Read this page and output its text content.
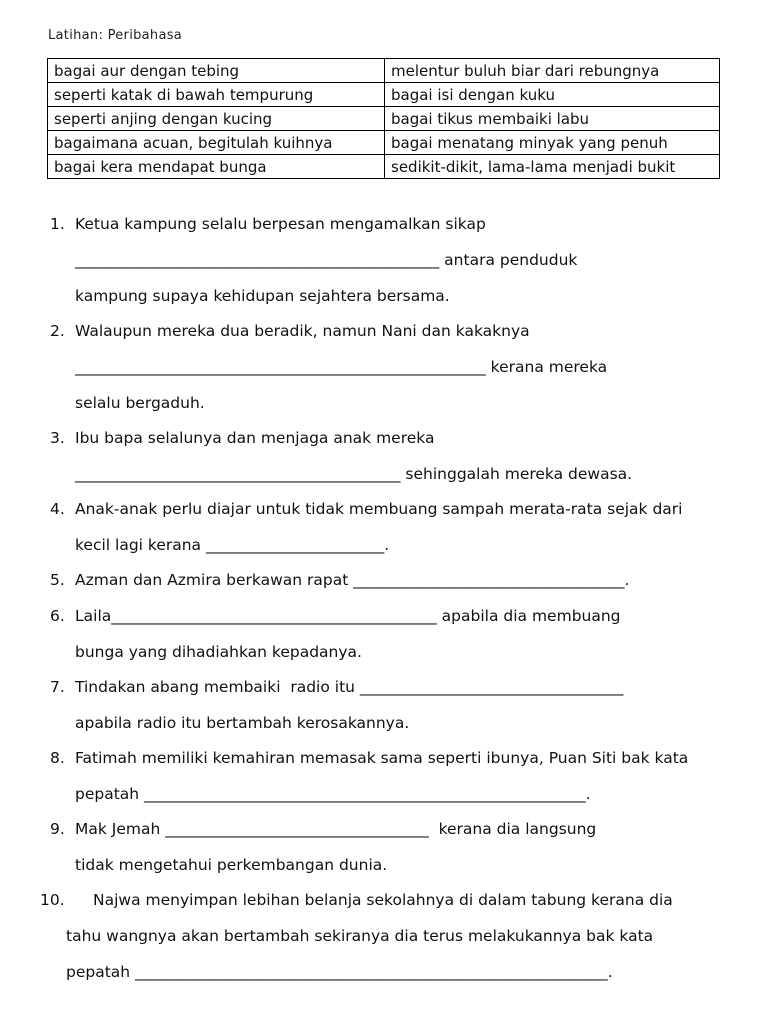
Latihan: Peribahasa
bagai aur dengan tebing	melentur buluh biar dari rebungnya
seperti katak di bawah tempurung	bagai isi dengan kuku
seperti anjing dengan kucing	bagai tikus membaiki labu
bagaimana acuan, begitulah kuihnya	bagai menatang minyak yang penuh
bagai kera mendapat bunga	sedikit-dikit, lama-lama menjadi bukit
1. Ketua kampung selalu berpesan mengamalkan sikap
_______________________________________________ antara penduduk
kampung supaya kehidupan sejahtera bersama.
2. Walaupun mereka dua beradik, namun Nani dan kakaknya
_____________________________________________________ kerana mereka
selalu bergaduh.
3. Ibu bapa selalunya dan menjaga anak mereka
__________________________________________ sehinggalah mereka dewasa.
4. Anak-anak perlu diajar untuk tidak membuang sampah merata-rata sejak dari
kecil lagi kerana _______________________.
5. Azman dan Azmira berkawan rapat ___________________________________.
6. Laila__________________________________________ apabila dia membuang
bunga yang dihadiahkan kepadanya.
7. Tindakan abang membaiki  radio itu __________________________________
apabila radio itu bertambah kerosakannya.
8. Fatimah memiliki kemahiran memasak sama seperti ibunya, Puan Siti bak kata
pepatah _________________________________________________________.
9. Mak Jemah __________________________________  kerana dia langsung
tidak mengetahui perkembangan dunia.
10. Najwa menyimpan lebihan belanja sekolahnya di dalam tabung kerana dia
tahu wangnya akan bertambah sekiranya dia terus melakukannya bak kata
pepatah _____________________________________________________________.
